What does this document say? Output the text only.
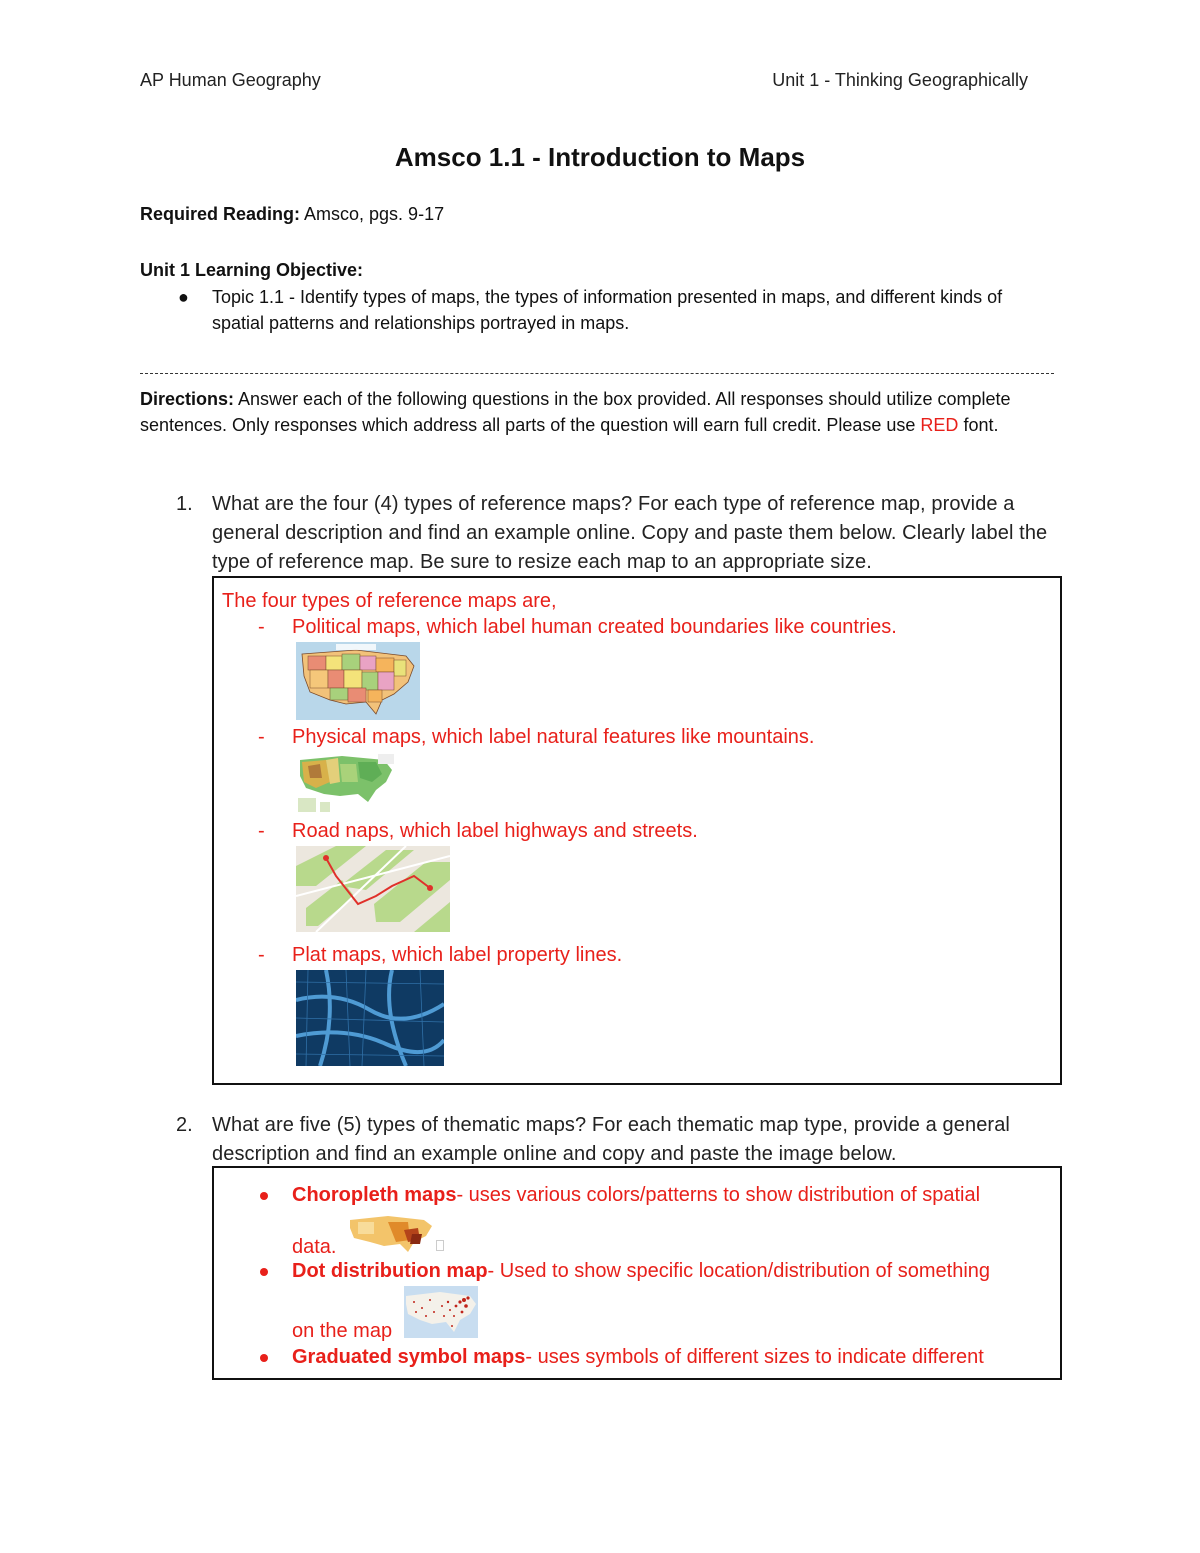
AP Human Geography	Unit 1 - Thinking Geographically
Amsco 1.1 - Introduction to Maps
Required Reading: Amsco, pgs. 9-17
Unit 1 Learning Objective:
● Topic 1.1 - Identify types of maps, the types of information presented in maps, and different kinds of spatial patterns and relationships portrayed in maps.
Directions: Answer each of the following questions in the box provided. All responses should utilize complete sentences. Only responses which address all parts of the question will earn full credit. Please use RED font.
1. What are the four (4) types of reference maps? For each type of reference map, provide a general description and find an example online. Copy and paste them below. Clearly label the type of reference map. Be sure to resize each map to an appropriate size.
The four types of reference maps are,
- Political maps, which label human created boundaries like countries.
- Physical maps, which label natural features like mountains.
- Road naps, which label highways and streets.
- Plat maps, which label property lines.
2. What are five (5) types of thematic maps? For each thematic map type, provide a general description and find an example online and copy and paste the image below.
Choropleth maps- uses various colors/patterns to show distribution of spatial
data.
Dot distribution map- Used to show specific location/distribution of something
on the map
Graduated symbol maps- uses symbols of different sizes to indicate different
